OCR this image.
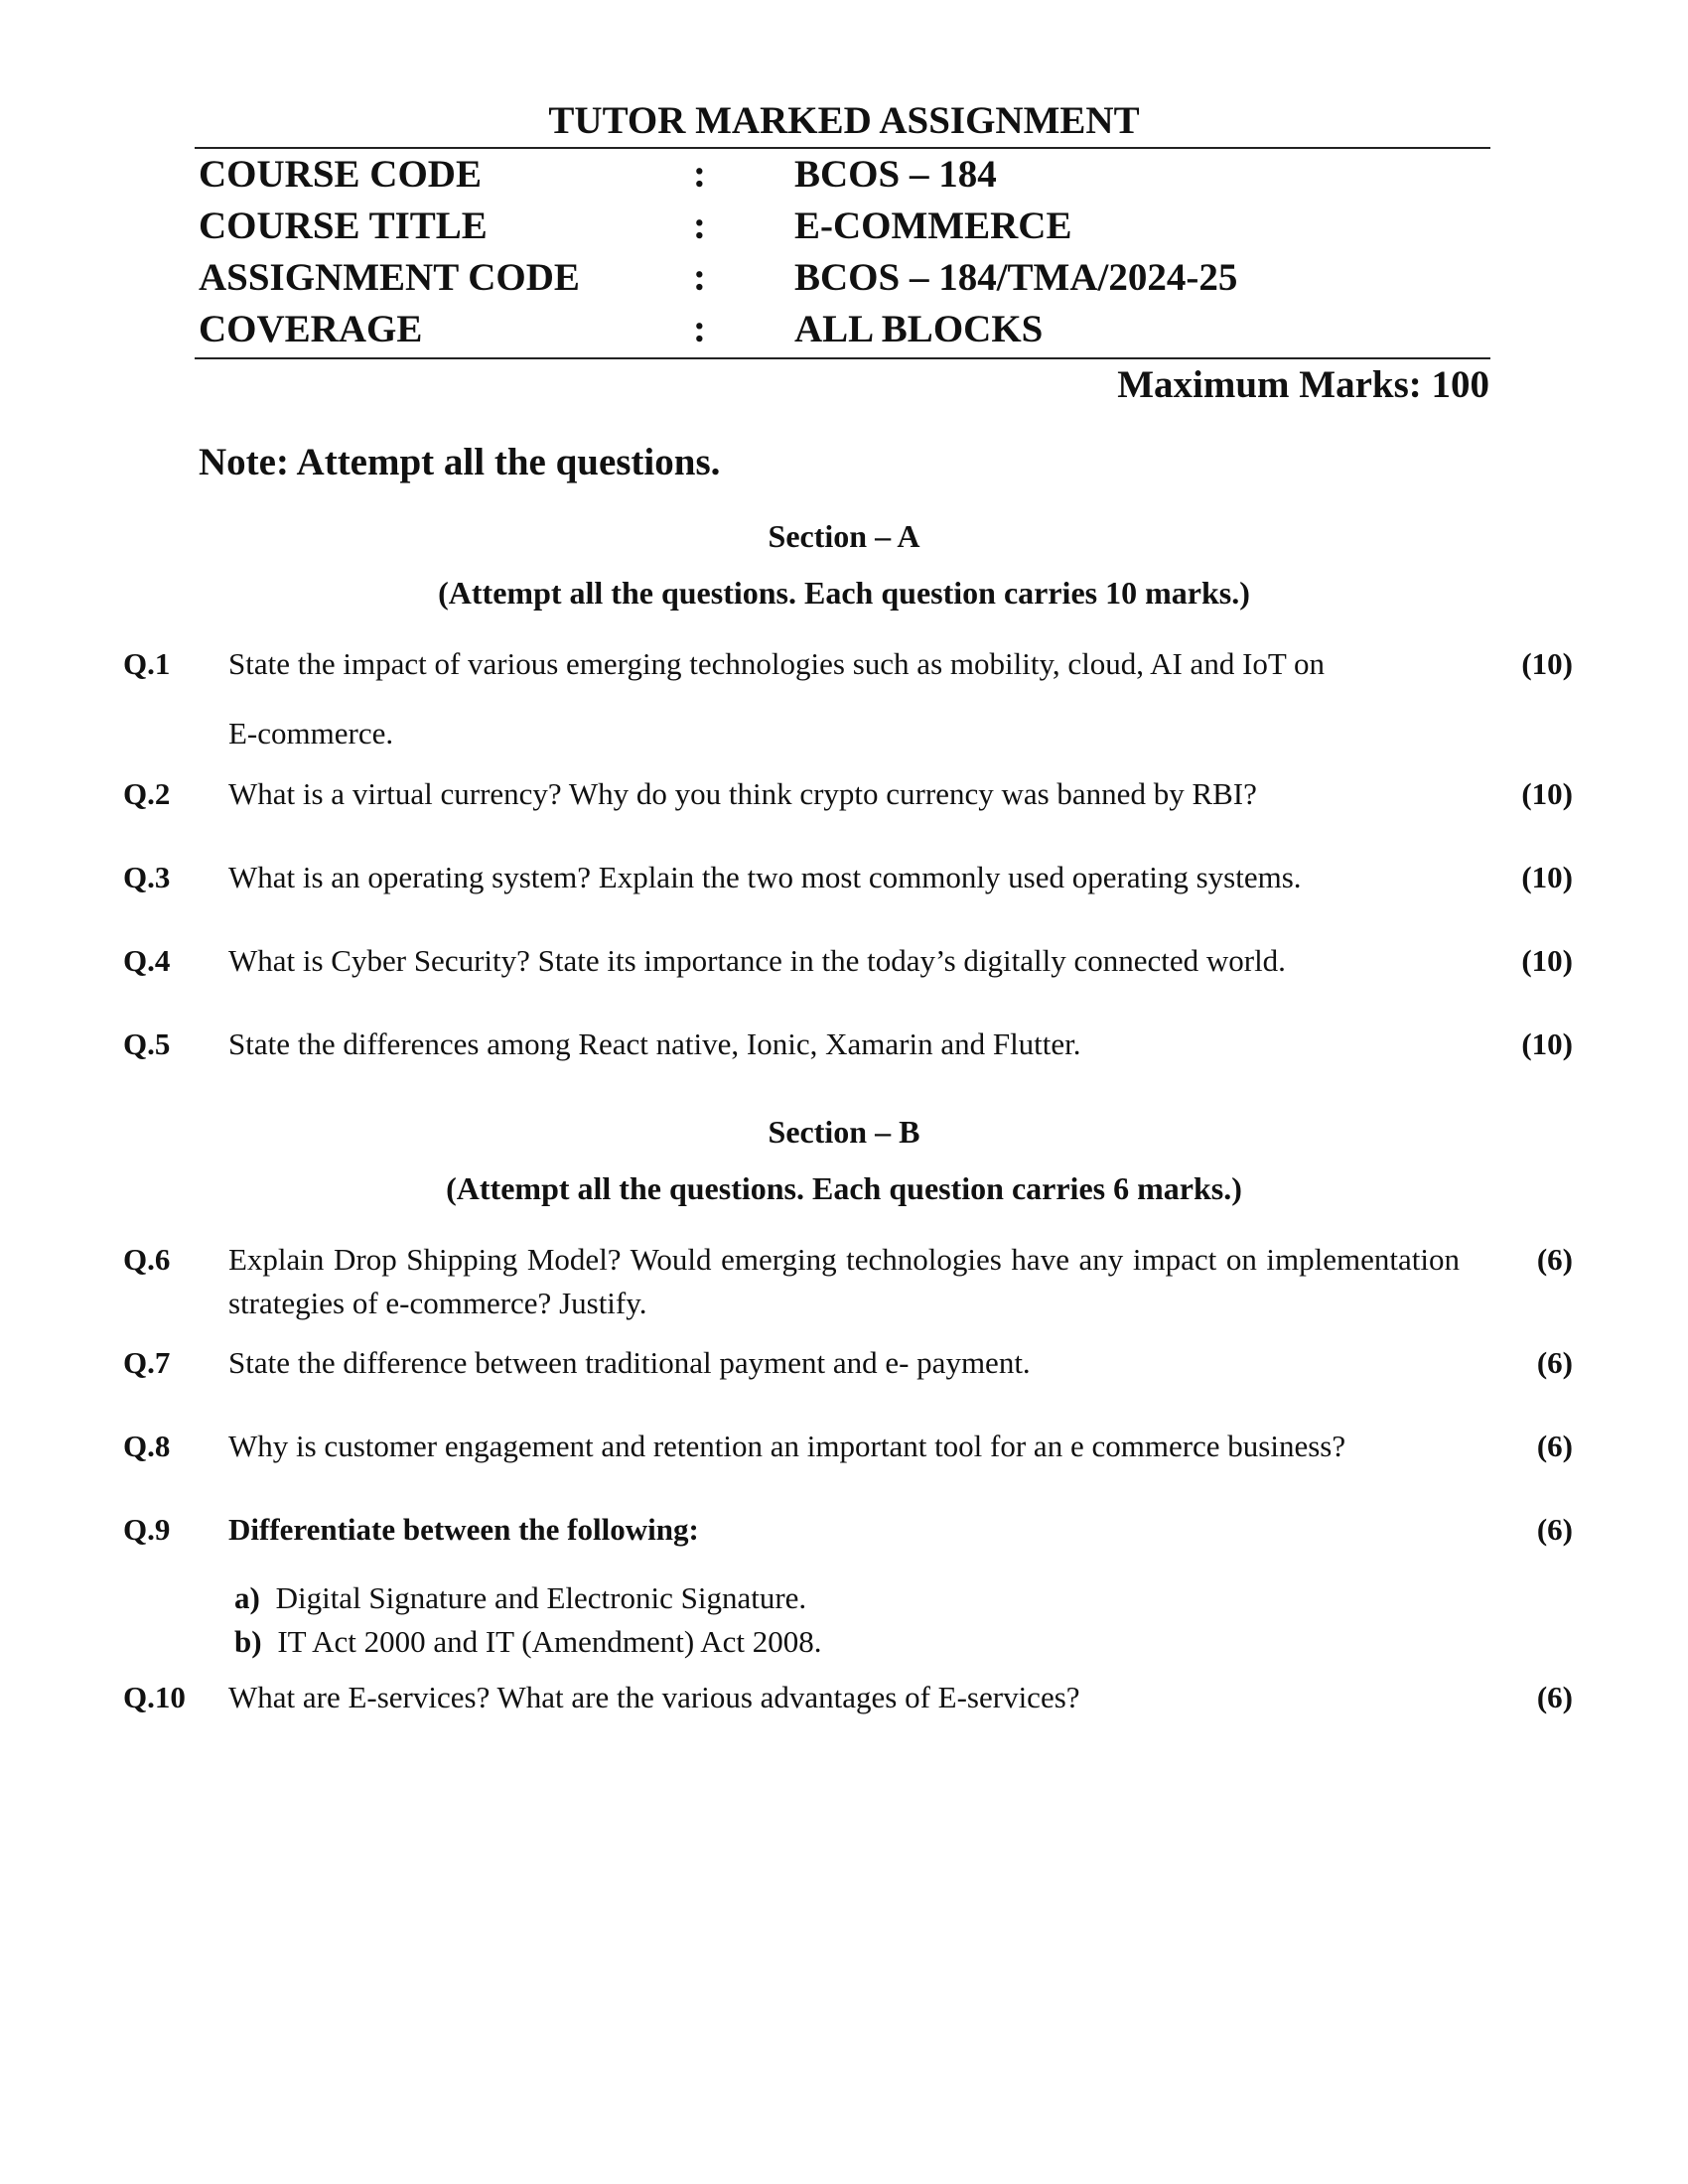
TUTOR MARKED ASSIGNMENT
COURSE CODE	: BCOS – 184
COURSE TITLE	: E-COMMERCE
ASSIGNMENT CODE	: BCOS – 184/TMA/2024-25
COVERAGE	: ALL BLOCKS
Maximum Marks: 100
Note: Attempt all the questions.
Section – A
(Attempt all the questions. Each question carries 10 marks.)
Q.1 State the impact of various emerging technologies such as mobility, cloud, AI and IoT on
E-commerce.
(10)
Q.2 What is a virtual currency? Why do you think crypto currency was banned by RBI?	(10)
Q.3 What is an operating system? Explain the two most commonly used operating systems.	(10)
Q.4 What is Cyber Security? State its importance in the today’s digitally connected world.	(10)
Q.5 State the differences among React native, Ionic, Xamarin and Flutter.	(10)
Section – B
(Attempt all the questions. Each question carries 6 marks.)
Q.6 Explain Drop Shipping Model? Would emerging technologies have any impact on implementation strategies of e-commerce? Justify.
(6)
Q.7 State the difference between traditional payment and e- payment.	(6)
Q.8 Why is customer engagement and retention an important tool for an e commerce business?	(6)
Q.9 Differentiate between the following:	(6)
a) Digital Signature and Electronic Signature.
b) IT Act 2000 and IT (Amendment) Act 2008.
Q.10 What are E-services? What are the various advantages of E-services?	(6)
